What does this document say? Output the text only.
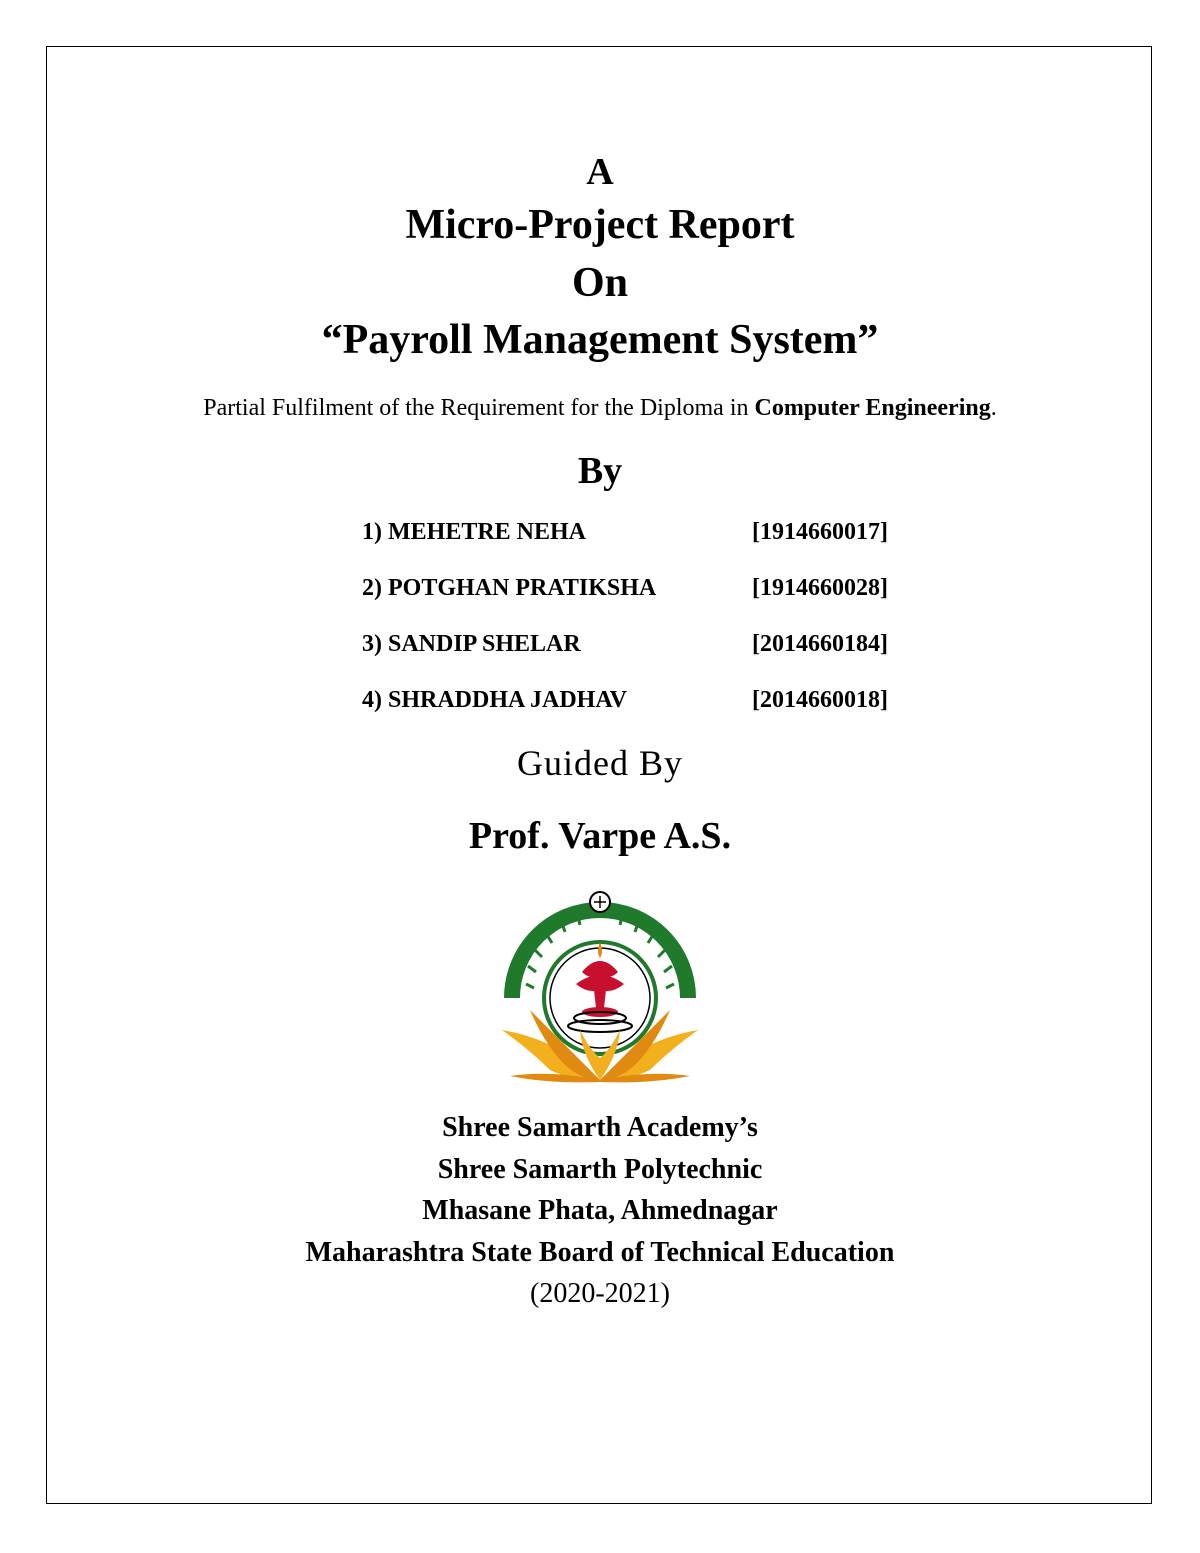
A
Micro-Project Report
On
“Payroll Management System”
Partial Fulfilment of the Requirement for the Diploma in Computer Engineering.
By
1) MEHETRE NEHA	[1914660017]
2) POTGHAN PRATIKSHA	[1914660028]
3) SANDIP SHELAR	[2014660184]
4) SHRADDHA JADHAV	[2014660018]
Guided By
Prof. Varpe A.S.
Shree Samarth Academy’s
Shree Samarth Polytechnic
Mhasane Phata, Ahmednagar
Maharashtra State Board of Technical Education
(2020-2021)
